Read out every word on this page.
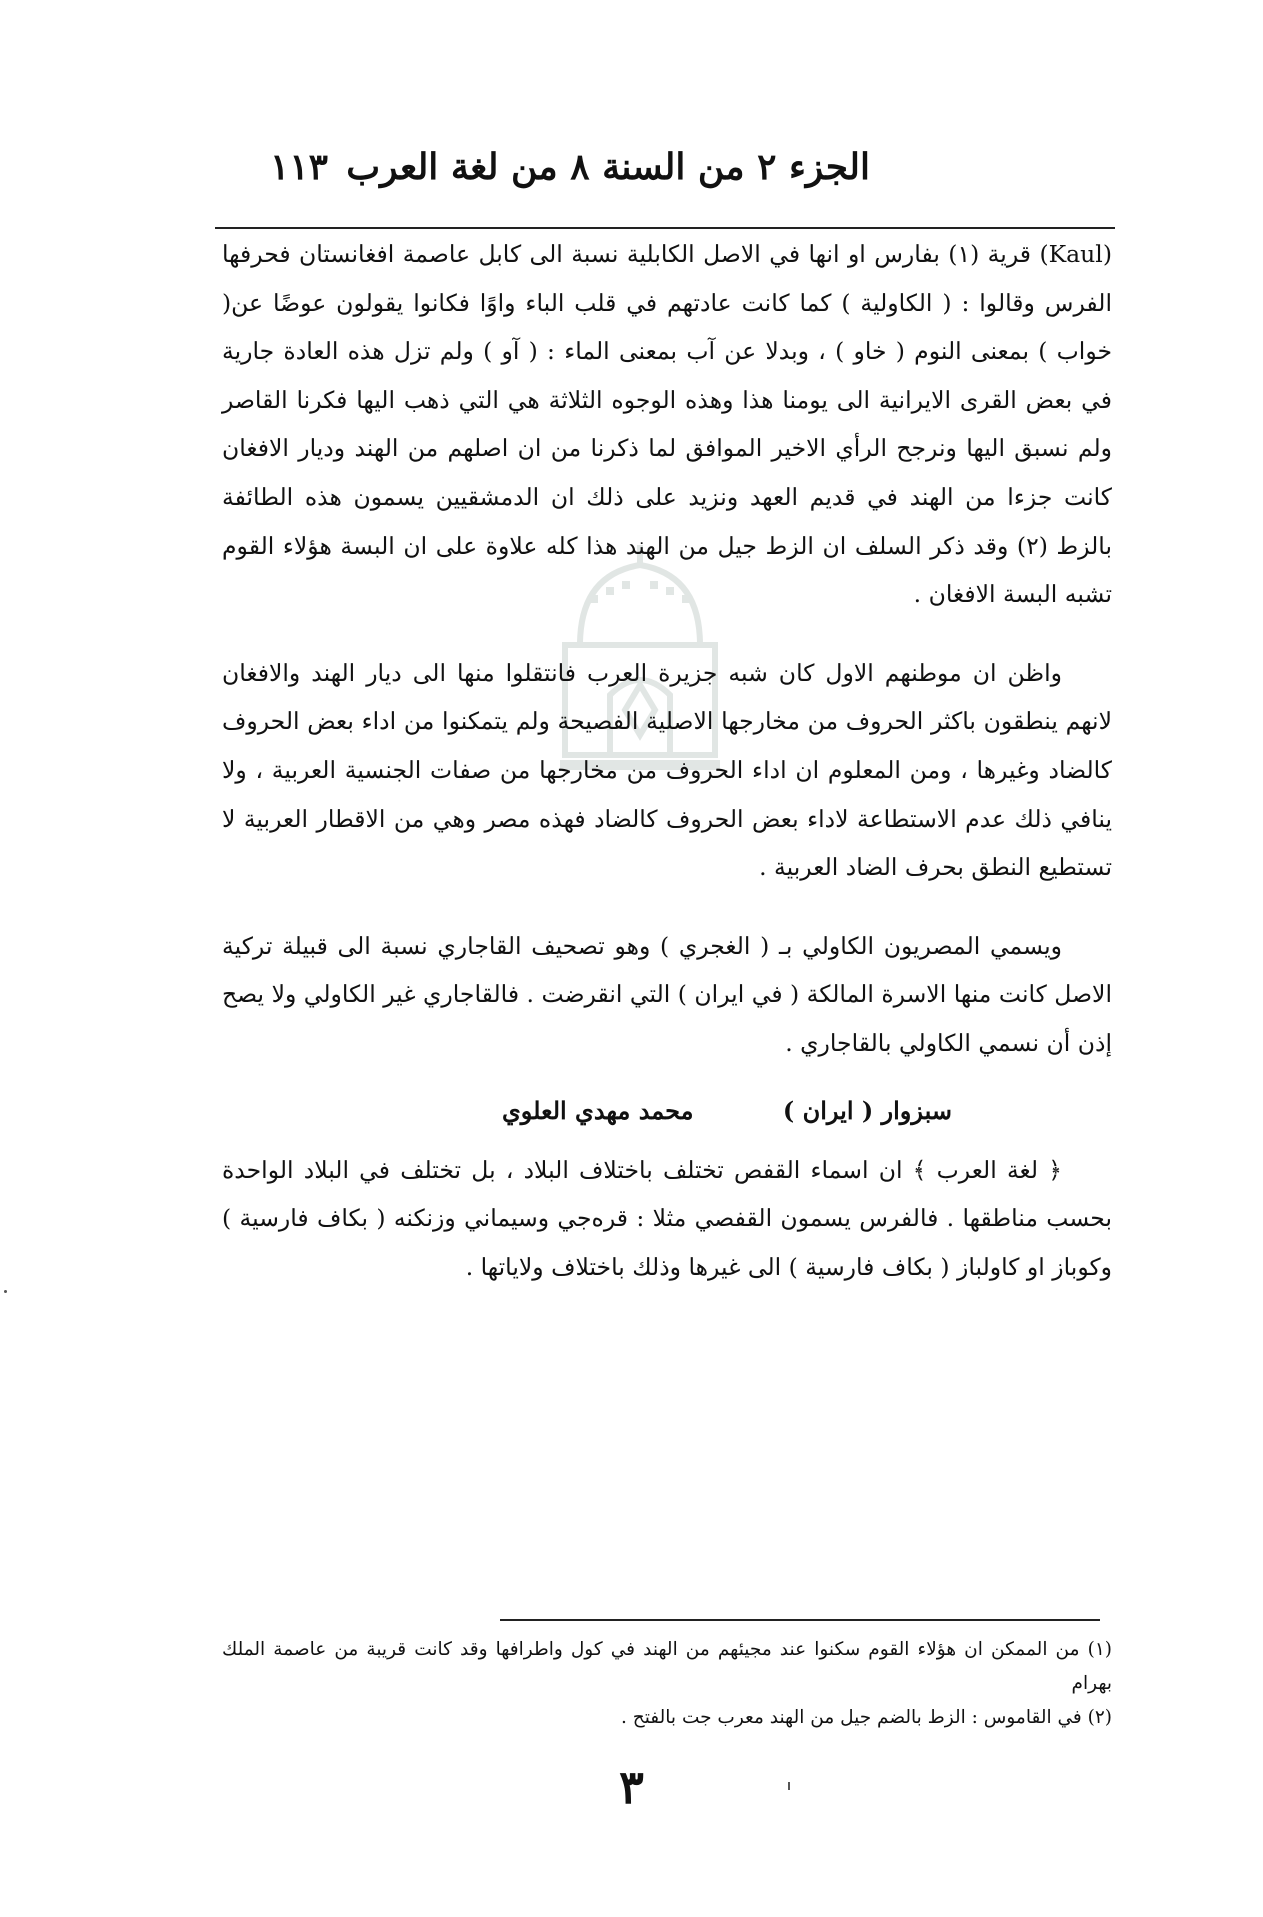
الجزء ٢ من السنة ٨ من لغة العرب
١١٣

(Kaul) قرية (١) بفارس او انها في الاصل الكابلية نسبة الى كابل عاصمة افغانستان فحرفها الفرس وقالوا : ( الكاولية ) كما كانت عادتهم في قلب الباء واوًا فكانوا يقولون عوضًا عن( خواب ) بمعنى النوم ( خاو ) ، وبدلا عن آب بمعنى الماء : ( آو ) ولم تزل هذه العادة جارية في بعض القرى الايرانية الى يومنا هذا وهذه الوجوه الثلاثة هي التي ذهب اليها فكرنا القاصر ولم نسبق اليها ونرجح الرأي الاخير الموافق لما ذكرنا من ان اصلهم من الهند وديار الافغان كانت جزءا من الهند في قديم العهد ونزيد على ذلك ان الدمشقيين يسمون هذه الطائفة بالزط (٢) وقد ذكر السلف ان الزط جيل من الهند هذا كله علاوة على ان البسة هؤلاء القوم تشبه البسة الافغان .

واظن ان موطنهم الاول كان شبه جزيرة العرب فانتقلوا منها الى ديار الهند والافغان لانهم ينطقون باكثر الحروف من مخارجها الاصلية الفصيحة ولم يتمكنوا من اداء بعض الحروف كالضاد وغيرها ، ومن المعلوم ان اداء الحروف من مخارجها من صفات الجنسية العربية ، ولا ينافي ذلك عدم الاستطاعة لاداء بعض الحروف كالضاد فهذه مصر وهي من الاقطار العربية لا تستطيع النطق بحرف الضاد العربية .

ويسمي المصريون الكاولي بـ ( الغجري ) وهو تصحيف القاجاري نسبة الى قبيلة تركية الاصل كانت منها الاسرة المالكة ( في ايران ) التي انقرضت . فالقاجاري غير الكاولي ولا يصح إذن أن نسمي الكاولي بالقاجاري .

سبزوار ( ايران )
محمد مهدي العلوي

﴿ لغة العرب ﴾ ان اسماء القفص تختلف باختلاف البلاد ، بل تختلف في البلاد الواحدة بحسب مناطقها . فالفرس يسمون القفصي مثلا : قره‌جي وسيماني وزنكنه ( بكاف فارسية ) وكوباز او كاولباز ( بكاف فارسية ) الى غيرها وذلك باختلاف ولاياتها .

(١) من الممكن ان هؤلاء القوم سكنوا عند مجيئهم من الهند في كول واطرافها وقد كانت قريبة من عاصمة الملك بهرام

(٢) في القاموس : الزط بالضم جيل من الهند معرب جت بالفتح .

٣
